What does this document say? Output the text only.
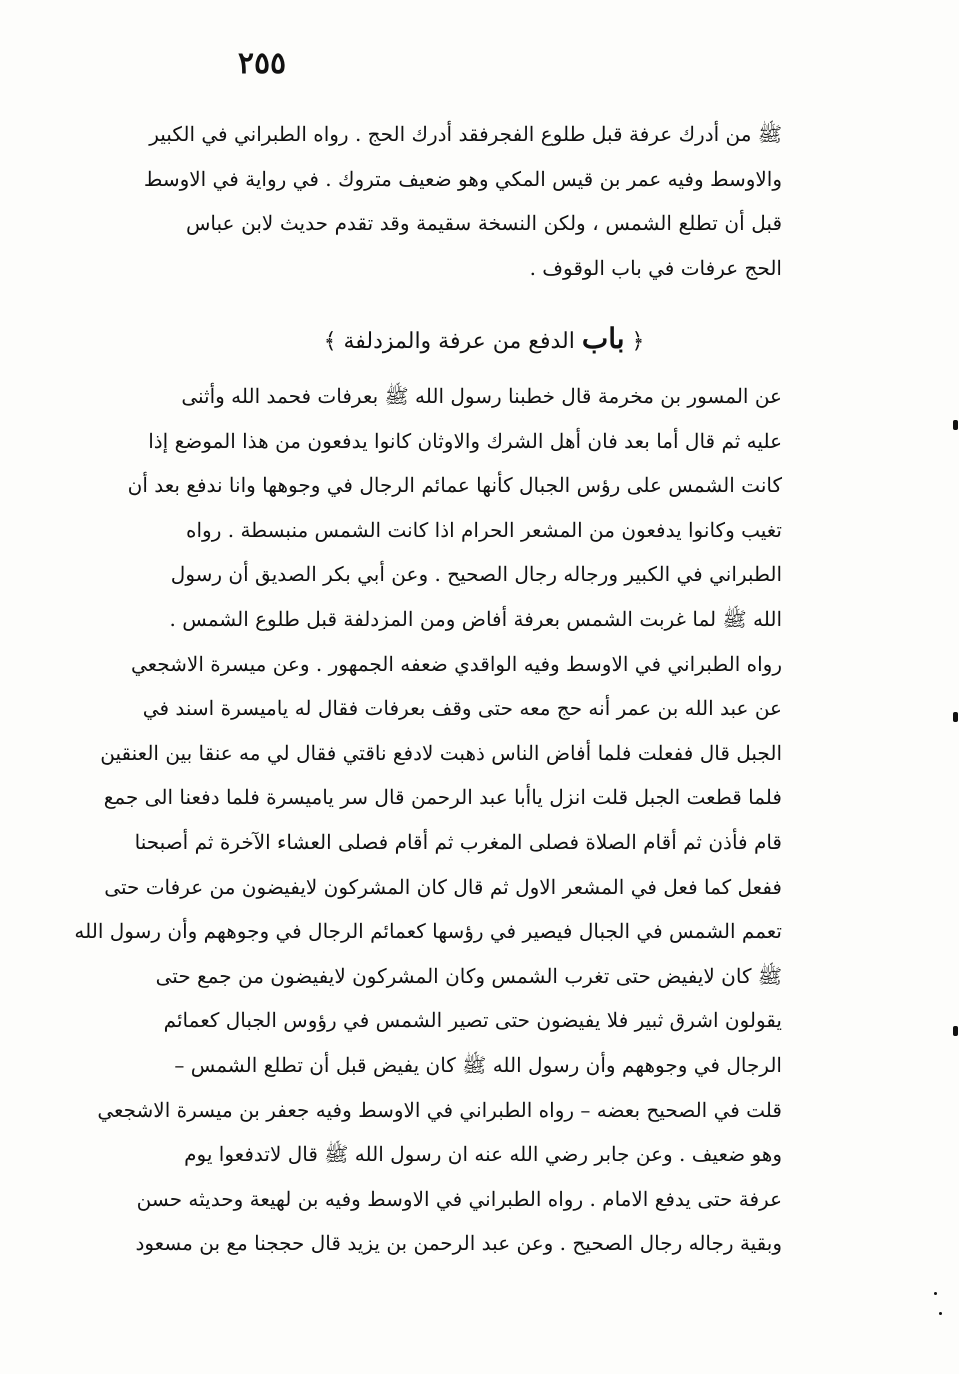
٢٥٥
ﷺ من أدرك عرفة قبل طلوع الفجرفقد أدرك الحج . رواه الطبراني في الكبير
والاوسط وفيه عمر بن قيس المكي وهو ضعيف متروك . في رواية في الاوسط
قبل أن تطلع الشمس ، ولكن النسخة سقيمة وقد تقدم حديث لابن عباس
الحج عرفات في باب الوقوف .
﴿ باب الدفع من عرفة والمزدلفة ﴾
عن المسور بن مخرمة قال خطبنا رسول الله ﷺ بعرفات فحمد الله وأثنى
عليه ثم قال أما بعد فان أهل الشرك والاوثان كانوا يدفعون من هذا الموضع إذا
كانت الشمس على رؤس الجبال كأنها عمائم الرجال في وجوهها وانا ندفع بعد أن
تغيب وكانوا يدفعون من المشعر الحرام اذا كانت الشمس منبسطة . رواه
الطبراني في الكبير ورجاله رجال الصحيح . وعن أبي بكر الصديق أن رسول
الله ﷺ لما غربت الشمس بعرفة أفاض ومن المزدلفة قبل طلوع الشمس .
رواه الطبراني في الاوسط وفيه الواقدي ضعفه الجمهور . وعن ميسرة الاشجعي
عن عبد الله بن عمر أنه حج معه حتى وقف بعرفات فقال له ياميسرة اسند في
الجبل قال ففعلت فلما أفاض الناس ذهبت لادفع ناقتي فقال لي مه عنقا بين العنقين
فلما قطعت الجبل قلت انزل ياأبا عبد الرحمن قال سر ياميسرة فلما دفعنا الى جمع
قام فأذن ثم أقام الصلاة فصلى المغرب ثم أقام فصلى العشاء الآخرة ثم أصبحنا
ففعل كما فعل في المشعر الاول ثم قال كان المشركون لايفيضون من عرفات حتى
تعمم الشمس في الجبال فيصير في رؤسها كعمائم الرجال في وجوههم وأن رسول الله
ﷺ كان لايفيض حتى تغرب الشمس وكان المشركون لايفيضون من جمع حتى
يقولون اشرق ثبير فلا يفيضون حتى تصير الشمس في رؤوس الجبال كعمائم
الرجال في وجوههم وأن رسول الله ﷺ كان يفيض قبل أن تطلع الشمس –
قلت في الصحيح بعضه – رواه الطبراني في الاوسط وفيه جعفر بن ميسرة الاشجعي
وهو ضعيف . وعن جابر رضي الله عنه ان رسول الله ﷺ قال لاتدفعوا يوم
عرفة حتى يدفع الامام . رواه الطبراني في الاوسط وفيه بن لهيعة وحديثه حسن
وبقية رجاله رجال الصحيح . وعن عبد الرحمن بن يزيد قال حججنا مع بن مسعود
